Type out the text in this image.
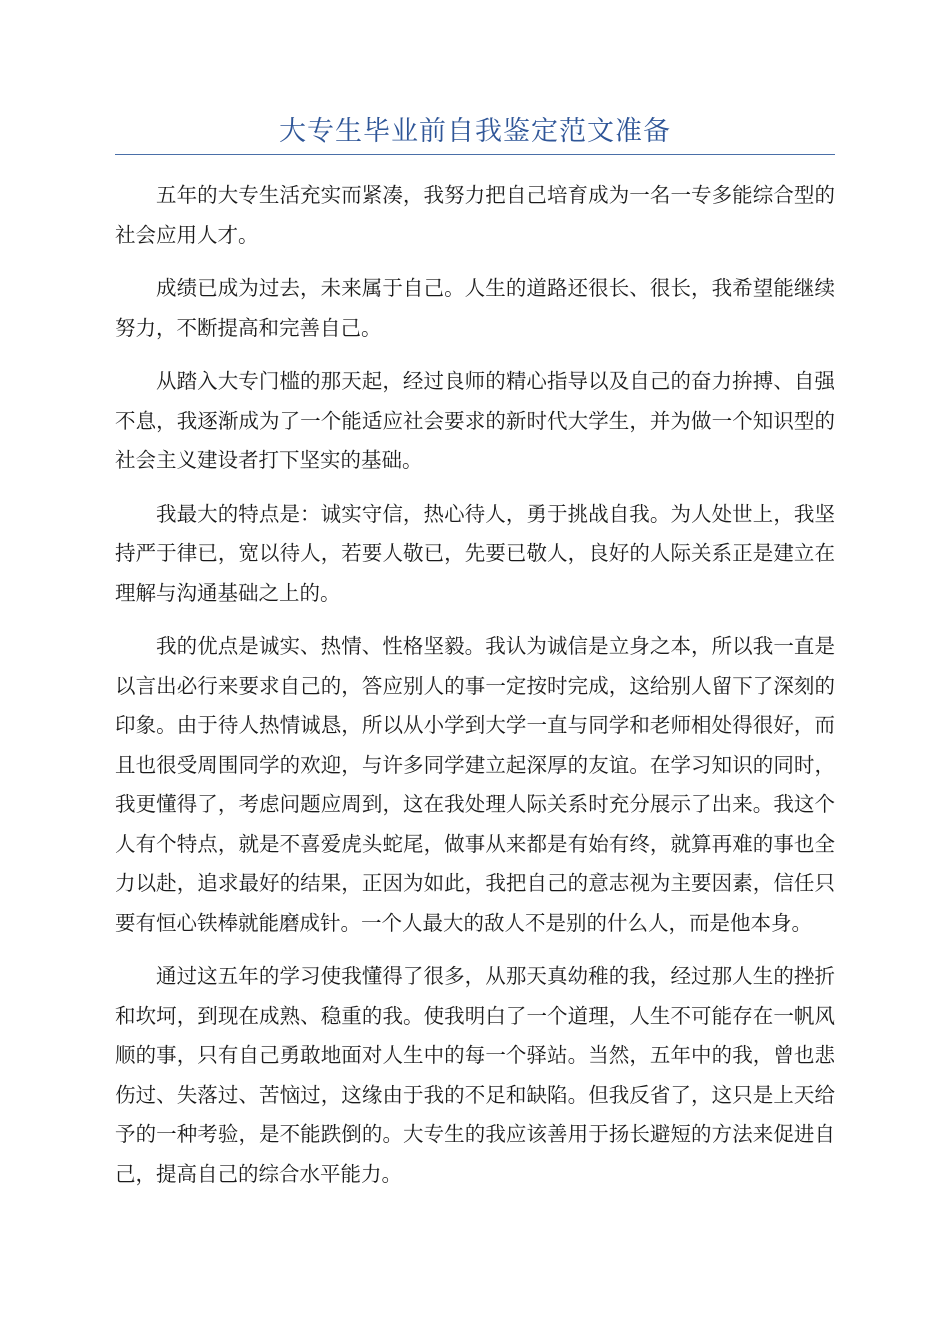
大专生毕业前自我鉴定范文准备

五年的大专生活充实而紧凑，我努力把自己培育成为一名一专多能综合型的社会应用人才。

成绩已成为过去，未来属于自己。人生的道路还很长、很长，我希望能继续努力，不断提高和完善自己。

从踏入大专门槛的那天起，经过良师的精心指导以及自己的奋力拚搏、自强不息，我逐渐成为了一个能适应社会要求的新时代大学生，并为做一个知识型的社会主义建设者打下坚实的基础。

我最大的特点是：诚实守信，热心待人，勇于挑战自我。为人处世上，我坚持严于律已，宽以待人，若要人敬已，先要已敬人，良好的人际关系正是建立在理解与沟通基础之上的。

我的优点是诚实、热情、性格坚毅。我认为诚信是立身之本，所以我一直是以言出必行来要求自己的，答应别人的事一定按时完成，这给别人留下了深刻的印象。由于待人热情诚恳，所以从小学到大学一直与同学和老师相处得很好，而且也很受周围同学的欢迎，与许多同学建立起深厚的友谊。在学习知识的同时，我更懂得了，考虑问题应周到，这在我处理人际关系时充分展示了出来。我这个人有个特点，就是不喜爱虎头蛇尾，做事从来都是有始有终，就算再难的事也全力以赴，追求最好的结果，正因为如此，我把自己的意志视为主要因素，信任只要有恒心铁棒就能磨成针。一个人最大的敌人不是别的什么人，而是他本身。

通过这五年的学习使我懂得了很多，从那天真幼稚的我，经过那人生的挫折和坎坷，到现在成熟、稳重的我。使我明白了一个道理，人生不可能存在一帆风顺的事，只有自己勇敢地面对人生中的每一个驿站。当然，五年中的我，曾也悲伤过、失落过、苦恼过，这缘由于我的不足和缺陷。但我反省了，这只是上天给予的一种考验，是不能跌倒的。大专生的我应该善用于扬长避短的方法来促进自己，提高自己的综合水平能力。
